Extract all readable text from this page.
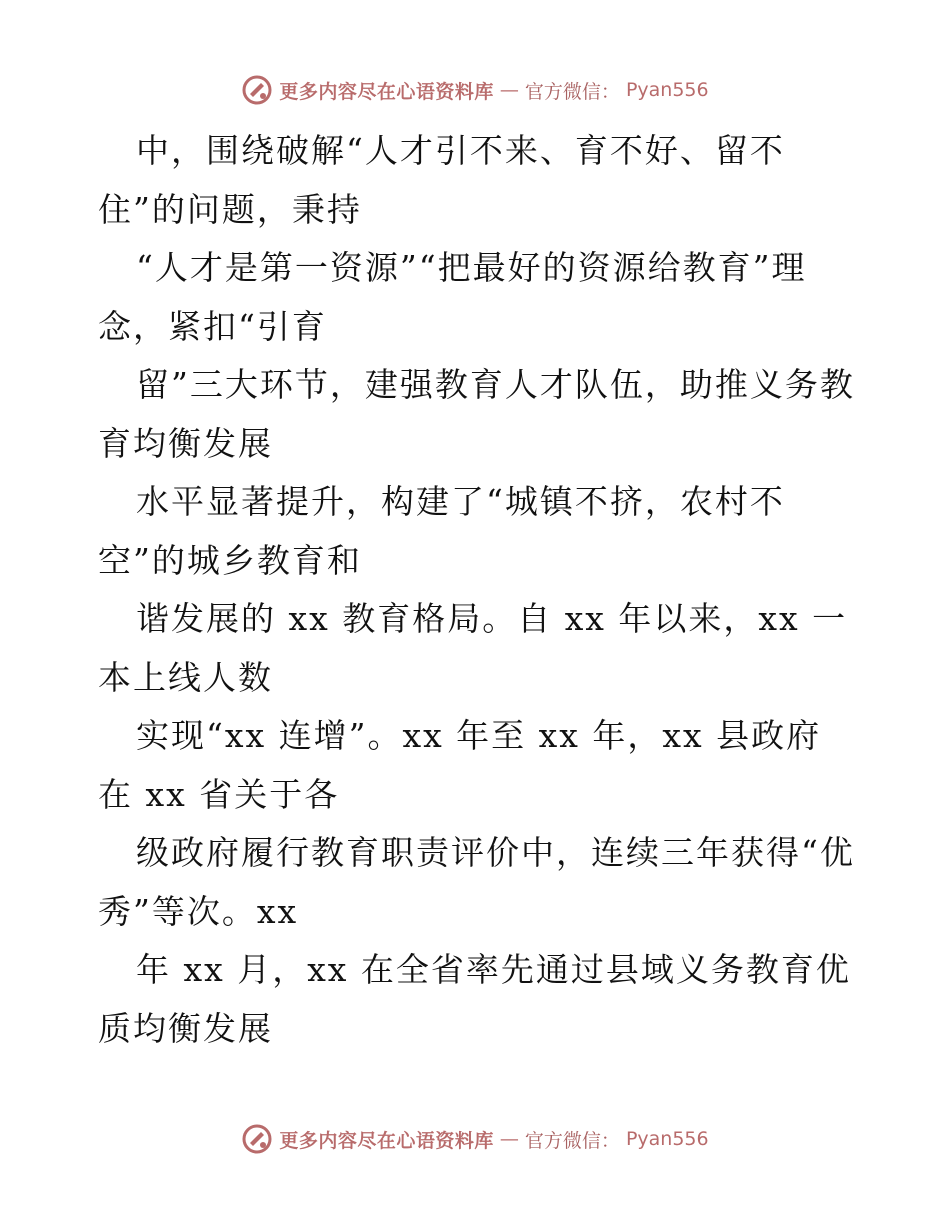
更多内容尽在心语资料库 — 官方微信： Pyan556
中，围绕破解“人才引不来、育不好、留不
住”的问题，秉持
“人才是第一资源”“把最好的资源给教育”理
念，紧扣“引育
留”三大环节，建强教育人才队伍，助推义务教
育均衡发展
水平显著提升，构建了“城镇不挤，农村不
空”的城乡教育和
谐发展的 xx 教育格局。自 xx 年以来，xx 一
本上线人数
实现“xx 连增”。xx 年至 xx 年，xx 县政府
在 xx 省关于各
级政府履行教育职责评价中，连续三年获得“优
秀”等次。xx
年 xx 月，xx 在全省率先通过县域义务教育优
质均衡发展
更多内容尽在心语资料库 — 官方微信： Pyan556
